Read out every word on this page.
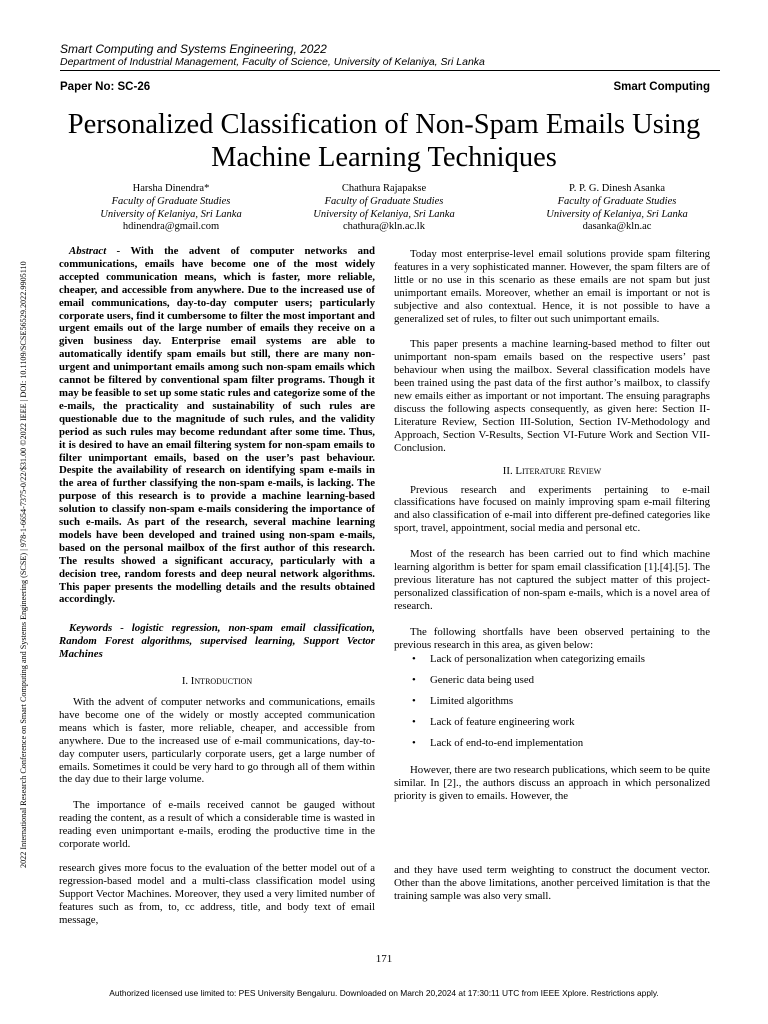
2022 International Research Conference on Smart Computing and Systems Engineering (SCSE) | 978-1-6654-7375-0/22/$31.00 ©2022 IEEE | DOI: 10.1109/SCSE56529.2022.9905110
Smart Computing and Systems Engineering, 2022
Department of Industrial Management, Faculty of Science, University of Kelaniya, Sri Lanka
Paper No: SC-26	Smart Computing
Personalized Classification of Non-Spam Emails Using Machine Learning Techniques
Harsha Dinendra*
Faculty of Graduate Studies
University of Kelaniya, Sri Lanka
hdinendra@gmail.com
Chathura Rajapakse
Faculty of Graduate Studies
University of Kelaniya, Sri Lanka
chathura@kln.ac.lk
P. P. G. Dinesh Asanka
Faculty of Graduate Studies
University of Kelaniya, Sri Lanka
dasanka@kln.ac

Abstract - With the advent of computer networks and communications, emails have become one of the most widely accepted communication means, which is faster, more reliable, cheaper, and accessible from anywhere. Due to the increased use of email communications, day-to-day computer users; particularly corporate users, find it cumbersome to filter the most important and urgent emails out of the large number of emails they receive on a given business day. Enterprise email systems are able to automatically identify spam emails but still, there are many non-urgent and unimportant emails among such non-spam emails which cannot be filtered by conventional spam filter programs. Though it may be feasible to set up some static rules and categorize some of the e-mails, the practicality and sustainability of such rules are questionable due to the magnitude of such rules, and the validity period as such rules may become redundant after some time. Thus, it is desired to have an email filtering system for non-spam emails to filter unimportant emails, based on the user’s past behaviour. Despite the availability of research on identifying spam e-mails in the area of further classifying the non-spam e-mails, is lacking. The purpose of this research is to provide a machine learning-based solution to classify non-spam e-mails considering the importance of such e-mails. As part of the research, several machine learning models have been developed and trained using non-spam e-mails, based on the personal mailbox of the first author of this research. The results showed a significant accuracy, particularly with a decision tree, random forests and deep neural network algorithms. This paper presents the modelling details and the results obtained accordingly.

Keywords - logistic regression, non-spam email classification, Random Forest algorithms, supervised learning, Support Vector Machines

I. Introduction

With the advent of computer networks and communications, emails have become one of the widely or mostly accepted communication means which is faster, more reliable, cheaper, and accessible from anywhere. Due to the increased use of e-mail communications, day-to-day computer users, particularly corporate users, get a large number of emails. Sometimes it could be very hard to go through all of them within the day due to their large volume.

The importance of e-mails received cannot be gauged without reading the content, as a result of which a considerable time is wasted in reading even unimportant e-mails, eroding the productive time in the corporate world.

Today most enterprise-level email solutions provide spam filtering features in a very sophisticated manner. However, the spam filters are of little or no use in this scenario as these emails are not spam but just unimportant emails. Moreover, whether an email is important or not is subjective and also contextual. Hence, it is not possible to have a generalized set of rules, to filter out such unimportant emails.

This paper presents a machine learning-based method to filter out unimportant non-spam emails based on the respective users’ past behaviour when using the mailbox. Several classification models have been trained using the past data of the first author’s mailbox, to classify new emails either as important or not important. The ensuing paragraphs discuss the following aspects consequently, as given here: Section II-Literature Review, Section III-Solution, Section IV-Methodology and Approach, Section V-Results, Section VI-Future Work and Section VII-Conclusion.

II. Literature Review

Previous research and experiments pertaining to e-mail classifications have focused on mainly improving spam e-mail filtering and also classification of e-mail into different pre-defined categories like sport, travel, appointment, social media and personal etc.

Most of the research has been carried out to find which machine learning algorithm is better for spam email classification [1].[4].[5]. The previous literature has not captured the subject matter of this project-personalized classification of non-spam e-mails, which is a novel area of research.

The following shortfalls have been observed pertaining to the previous research in this area, as given below:

• Lack of personalization when categorizing emails
• Generic data being used
• Limited algorithms
• Lack of feature engineering work
• Lack of end-to-end implementation

However, there are two research publications, which seem to be quite similar. In [2]., the authors discuss an approach in which personalized priority is given to emails. However, the

research gives more focus to the evaluation of the better model out of a regression-based model and a multi-class classification model using Support Vector Machines. Moreover, they used a very limited number of features such as from, to, cc address, title, and body text of email message,
and they have used term weighting to construct the document vector. Other than the above limitations, another perceived limitation is that the training sample was also very small.
171
Authorized licensed use limited to: PES University Bengaluru. Downloaded on March 20,2024 at 17:30:11 UTC from IEEE Xplore. Restrictions apply.
